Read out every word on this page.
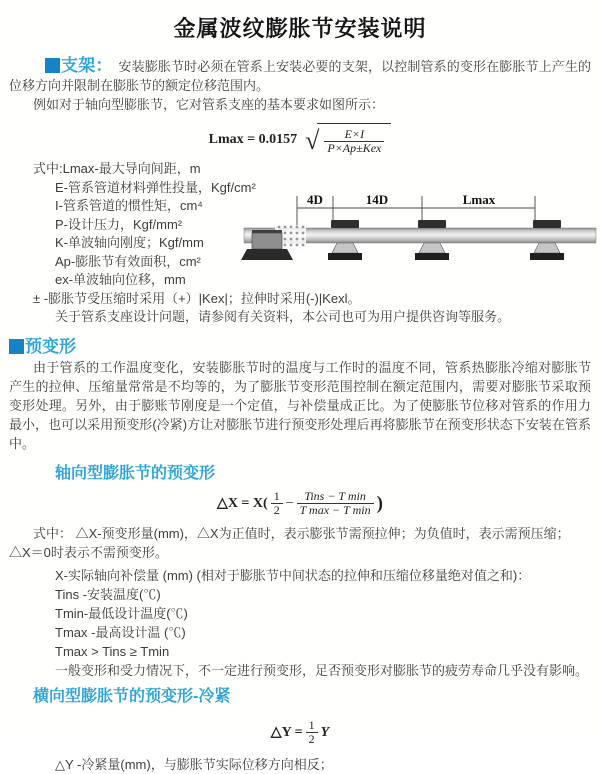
金属波纹膨胀节安装说明

支架： 安装膨胀节时必须在管系上安装必要的支架，以控制管系的变形在膨胀节上产生的位移方向并限制在膨胀节的额定位移范围内。

例如对于轴向型膨胀节，它对管系支座的基本要求如图所示：

Lmax = 0.0157 √ $\frac{E\times I}{\text{P×Ap±Kex}}$
式中:Lmax-最大导向间距，m
E-管系管道材料弹性投量，Kgf/cm²
I-管系管道的惯性矩，cm⁴
P-设计压力，Kgf/mm²
K-单波轴向刚度；Kgf/mm
Ap-膨胀节有效面积，cm²
ex-单波轴向位移，mm
± -膨胀节受压缩时采用（+）|Kex|；拉伸时采用(-)|Kexl。
关于管系支座设计问题，请参阅有关资料，本公司也可为用户提供咨询等服务。
4D	14D	Lmax

预变形

由于管系的工作温度变化，安装膨胀节时的温度与工作时的温度不同，管系热膨胀冷缩对膨胀节产生的拉伸、压缩量常常是不均等的，为了膨胀节变形范围控制在额定范围内，需要对膨胀节采取预变形处理。另外，由于膨账节刚度是一个定值，与补偿量成正比。为了使膨胀节位移对管系的作用力最小，也可以采用预变形(冷紧)方让对膨胀节进行预变形处理后再将膨胀节在预变形状态下安装在管系中。

轴向型膨胀节的预变形
△X = $X( \frac{1}{2} - \frac{\text{Tins − T min}}{\text{T max − T min}}$ )

式中： △X-预变形量(mm)，△X为正值时，表示膨张节需预拉伸；为负值时，表示需预压缩；△X＝0时表示不需预变形。

X-实际轴向补偿量 (mm) (相对于膨胀节中间状态的拉伸和压缩位移量绝对值之和)：
Tins -安装温度(℃)
Tmin-最低设计温度(℃)
Tmax -最高设计温 (℃)
Tmax > Tins ≥ Tmin
一般变形和受力情况下，不一定进行预变形，足否预变形对膨胀节的疲劳寿命几乎没有影响。
横向型膨胀节的预变形-冷紧
△Y = $\frac{1}{2}$ Y
△Y -冷紧量(mm)，与膨胀节实际位移方向相反；
